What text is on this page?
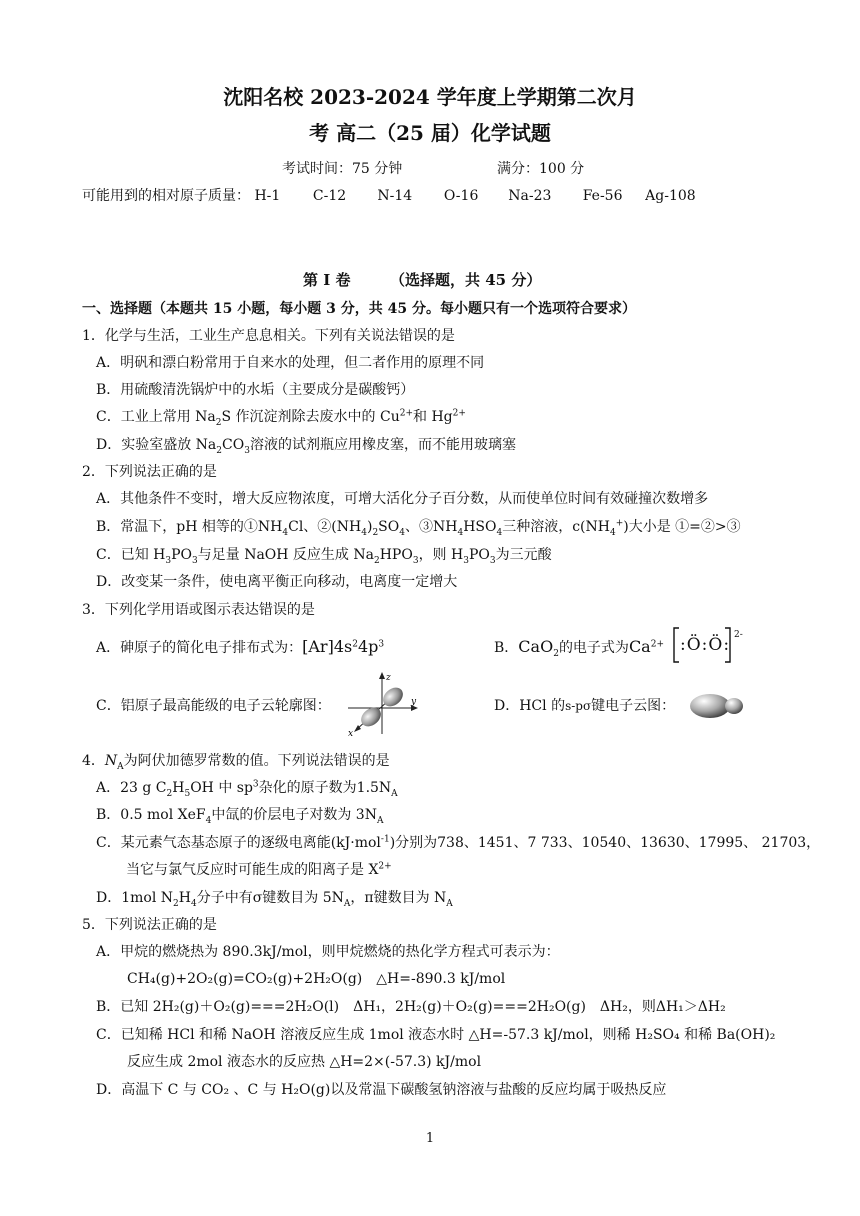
沈阳名校 2023-2024 学年度上学期第二次月
考 高二（25 届）化学试题
考试时间：75 分钟	满分：100 分
可能用到的相对原子质量： H-1 C-12 N-14 O-16 Na-23 Fe-56 Ag-108
第 I 卷	（选择题，共 45 分）
一、选择题（本题共 15 小题，每小题 3 分，共 45 分。每小题只有一个选项符合要求）
1．化学与生活，工业生产息息相关。下列有关说法错误的是
A．明矾和漂白粉常用于自来水的处理，但二者作用的原理不同
B．用硫酸清洗锅炉中的水垢（主要成分是碳酸钙）
C．工业上常用 $Na_2S$ 作沉淀剂除去废水中的 $Cu^{2+}$和 $Hg^{2+}$
D．实验室盛放 $Na_2CO_3$溶液的试剂瓶应用橡皮塞，而不能用玻璃塞
2．下列说法正确的是
A．其他条件不变时，增大反应物浓度，可增大活化分子百分数，从而使单位时间有效碰撞次数增多
B．常温下，pH 相等的$①NH_4Cl$、$②(NH_4)_2SO_4$、$③NH_4HSO_4$三种溶液，$c(NH_4^+)$大小是 ①=②>③
C．已知 $H_3PO_3$与足量 NaOH 反应生成 $Na_2HPO_3$，则 $H_3PO_3$为三元酸
D．改变某一条件，使电离平衡正向移动，电离度一定增大
3．下列化学用语或图示表达错误的是
A．砷原子的简化电子排布式为：$[Ar]4s^24p^3$	B．CaO$_2$的电子式为$Ca^{2+}$ :Ö:Ö: 2-
C．铝原子最高能级的电子云轮廓图：
z
y
x
D．HCl 的s-pσ键电子云图：
4．$N_A$为阿伏加德罗常数的值。下列说法错误的是
A．23 g $C_2H_5OH$ 中 $sp^3$杂化的原子数为$1.5N_A$
B．0.5 mol XeF$_4$中氙的价层电子对数为 $3N_A$
C．某元素气态基态原子的逐级电离能(kJ·mol$^{-1}$)分别为738、1451、7 733、10540、13630、17995、 21703，
当它与氯气反应时可能生成的阳离子是 $X^{2+}$
D．1mol $N_2H_4$分子中有σ键数目为 $5N_A$，π键数目为 $N_A$
5．下列说法正确的是
A．甲烷的燃烧热为 890.3kJ/mol，则甲烷燃烧的热化学方程式可表示为：
CH₄(g)+2O₂(g)=CO₂(g)+2H₂O(g)　△H=-890.3 kJ/mol
B．已知 2H₂(g)＋O₂(g)===2H₂O(l)　ΔH₁，2H₂(g)＋O₂(g)===2H₂O(g)　ΔH₂，则ΔH₁＞ΔH₂
C．已知稀 HCl 和稀 NaOH 溶液反应生成 1mol 液态水时 △H=-57.3 kJ/mol，则稀 H₂SO₄ 和稀 Ba(OH)₂
反应生成 2mol 液态水的反应热 △H=2×(-57.3) kJ/mol
D．高温下 C 与 CO₂ 、C 与 H₂O(g)以及常温下碳酸氢钠溶液与盐酸的反应均属于吸热反应
1
